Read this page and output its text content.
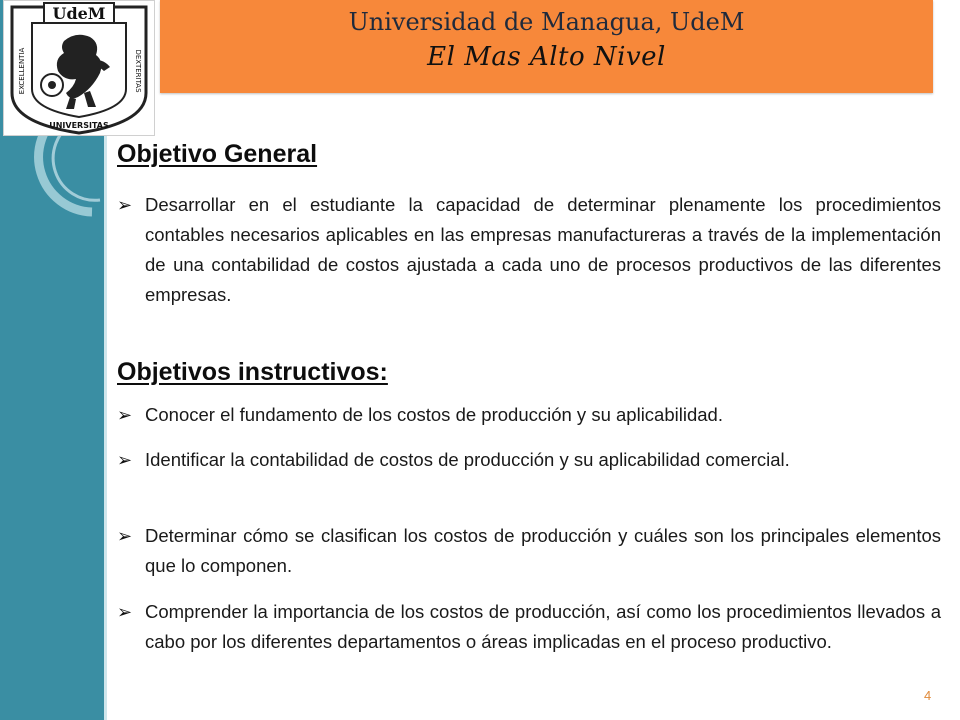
UdeM
EXCELLENTIA	DEXTERITAS
UNIVERSITAS
Universidad de Managua, UdeM
El Mas Alto Nivel
Objetivo General
➢ Desarrollar en el estudiante la capacidad de determinar plenamente los procedimientos contables necesarios aplicables en las empresas manufactureras a través de la implementación de una contabilidad de costos ajustada a cada uno de procesos productivos de las diferentes empresas.
Objetivos instructivos:
➢ Conocer el fundamento de los costos de producción y su aplicabilidad.
➢ Identificar la contabilidad de costos de producción y su aplicabilidad comercial.
➢ Determinar cómo se clasifican los costos de producción y cuáles son los principales elementos que lo componen.
➢ Comprender la importancia de los costos de producción, así como los procedimientos llevados a cabo por los diferentes departamentos o áreas implicadas en el proceso productivo.
4
